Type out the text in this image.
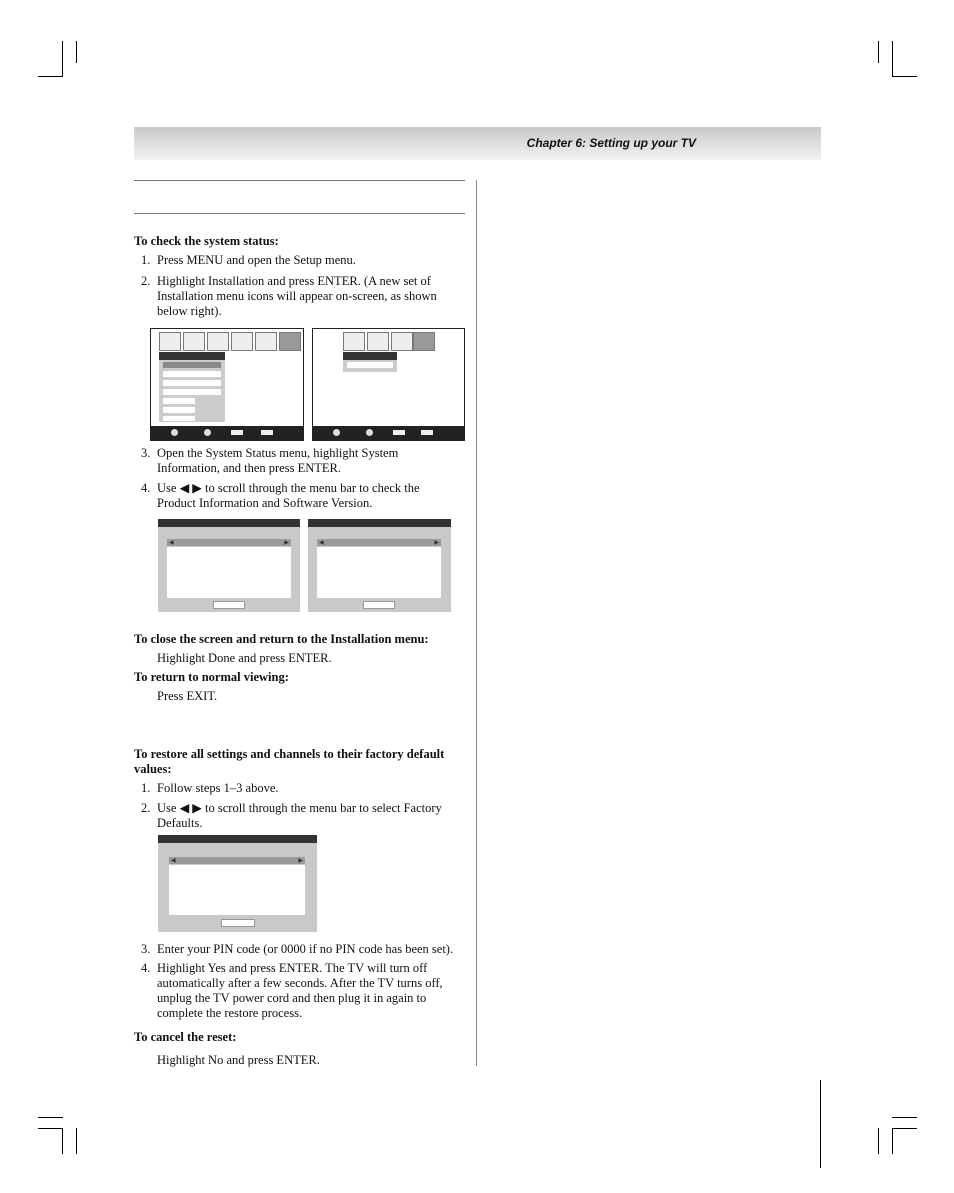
Chapter 6: Setting up your TV
To check the system status:
1. Press MENU and open the Setup menu.
2. Highlight Installation and press ENTER. (A new set of Installation menu icons will appear on-screen, as shown below right).
3. Open the System Status menu, highlight System Information, and then press ENTER.
4. Use ◀ ▶ to scroll through the menu bar to check the Product Information and Software Version.
◀	▶	◀	▶
To close the screen and return to the Installation menu:
Highlight Done and press ENTER.
To return to normal viewing:
Press EXIT.
To restore all settings and channels to their factory default values:
1. Follow steps 1–3 above.
2. Use ◀ ▶ to scroll through the menu bar to select Factory Defaults.
◀	▶
3. Enter your PIN code (or 0000 if no PIN code has been set).
4. Highlight Yes and press ENTER. The TV will turn off automatically after a few seconds. After the TV turns off, unplug the TV power cord and then plug it in again to complete the restore process.
To cancel the reset:
Highlight No and press ENTER.
